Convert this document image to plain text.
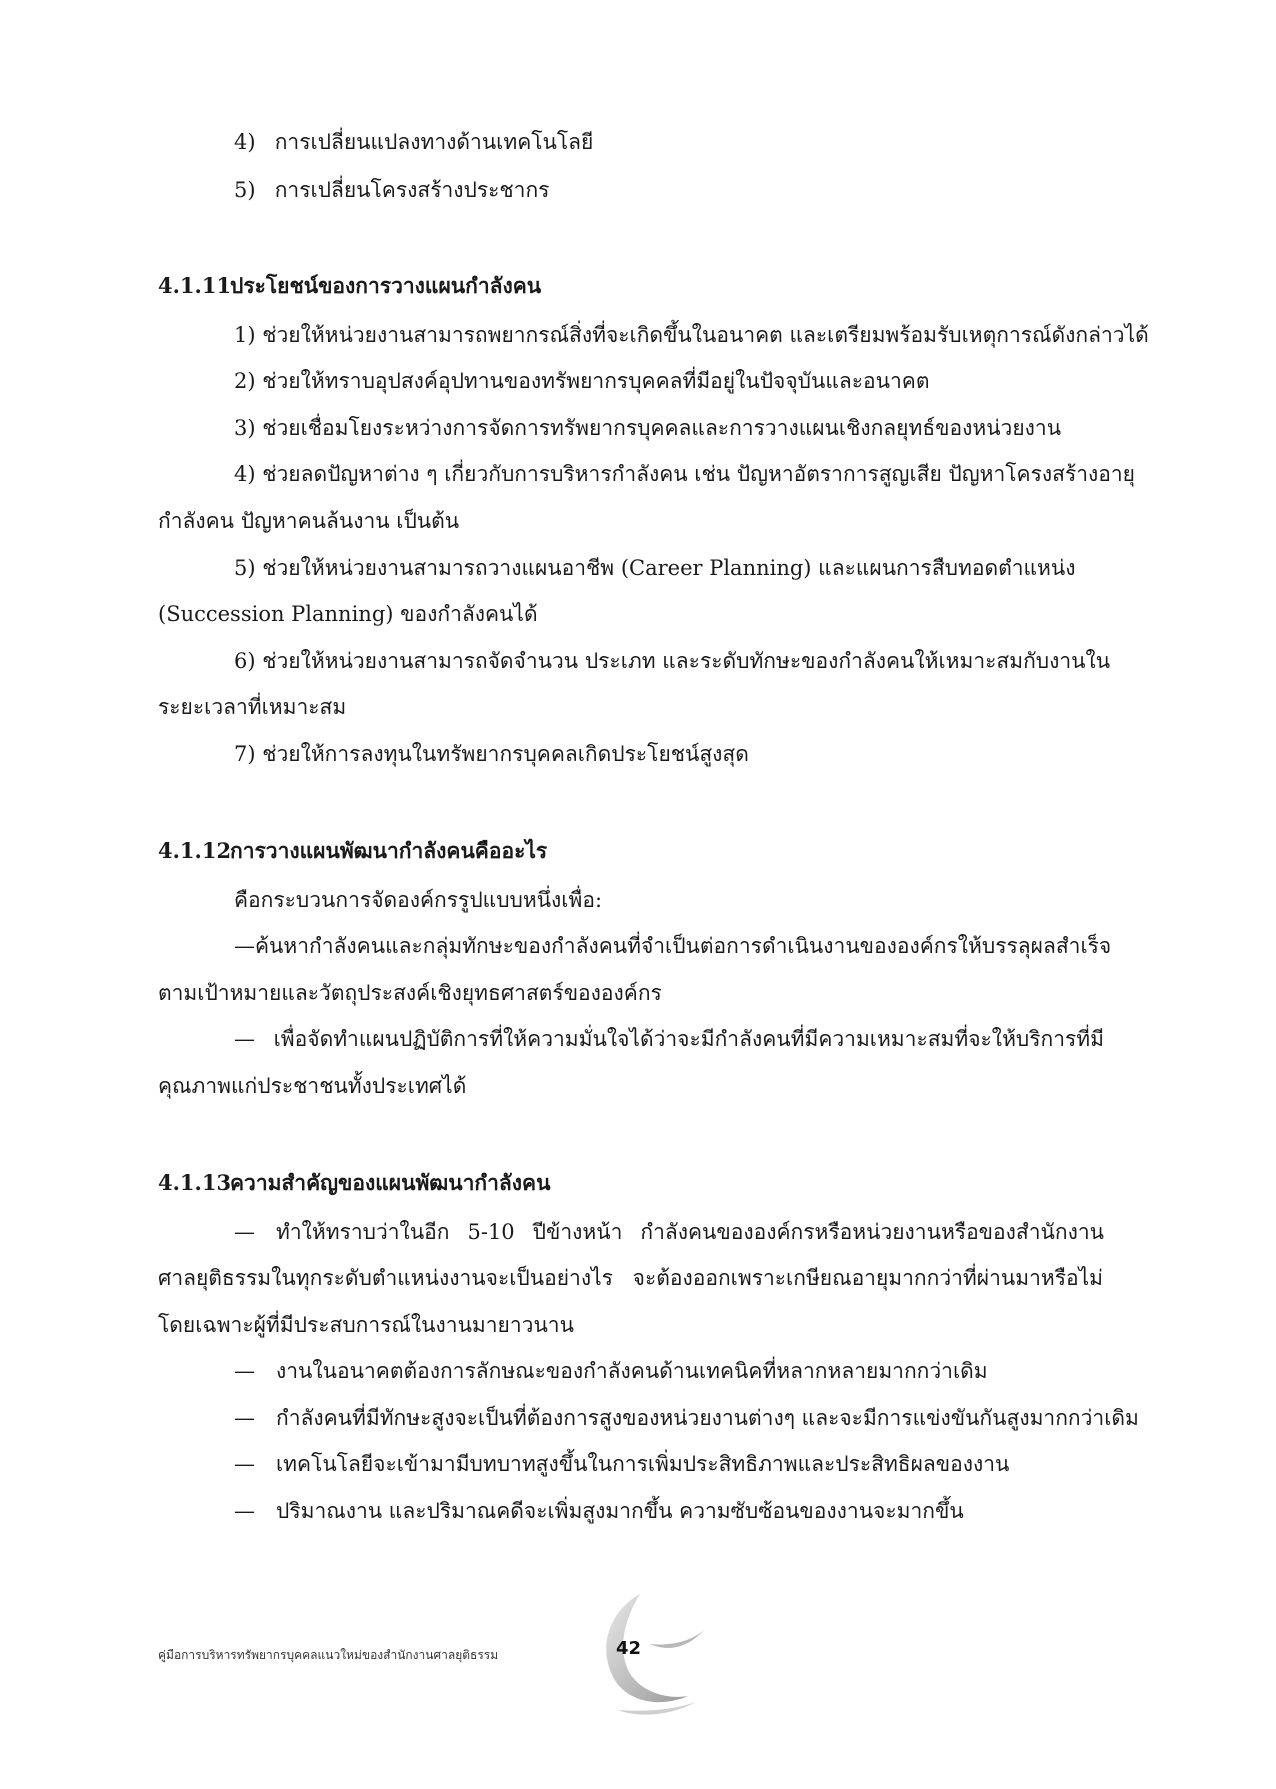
4) การเปลี่ยนแปลงทางด้านเทคโนโลยี
5) การเปลี่ยนโครงสร้างประชากร
4.1.11ประโยชน์ของการวางแผนกำลังคน
1) ช่วยให้หน่วยงานสามารถพยากรณ์สิ่งที่จะเกิดขึ้นในอนาคต และเตรียมพร้อมรับเหตุการณ์ดังกล่าวได้
2) ช่วยให้ทราบอุปสงค์อุปทานของทรัพยากรบุคคลที่มีอยู่ในปัจจุบันและอนาคต
3) ช่วยเชื่อมโยงระหว่างการจัดการทรัพยากรบุคคลและการวางแผนเชิงกลยุทธ์ของหน่วยงาน
4) ช่วยลดปัญหาต่าง ๆ เกี่ยวกับการบริหารกำลังคน เช่น ปัญหาอัตราการสูญเสีย ปัญหาโครงสร้างอายุ
กำลังคน ปัญหาคนล้นงาน เป็นต้น
5) ช่วยให้หน่วยงานสามารถวางแผนอาชีพ (Career Planning) และแผนการสืบทอดตำแหน่ง
(Succession Planning) ของกำลังคนได้
6) ช่วยให้หน่วยงานสามารถจัดจำนวน ประเภท และระดับทักษะของกำลังคนให้เหมาะสมกับงานใน
ระยะเวลาที่เหมาะสม
7) ช่วยให้การลงทุนในทรัพยากรบุคคลเกิดประโยชน์สูงสุด
4.1.12การวางแผนพัฒนากำลังคนคืออะไร
คือกระบวนการจัดองค์กรรูปแบบหนึ่งเพื่อ:
— ค้นหากำลังคนและกลุ่มทักษะของกำลังคนที่จำเป็นต่อการดำเนินงานขององค์กรให้บรรลุผลสำเร็จ
ตามเป้าหมายและวัตถุประสงค์เชิงยุทธศาสตร์ขององค์กร
— เพื่อจัดทำแผนปฏิบัติการที่ให้ความมั่นใจได้ว่าจะมีกำลังคนที่มีความเหมาะสมที่จะให้บริการที่มี
คุณภาพแก่ประชาชนทั้งประเทศได้
4.1.13ความสำคัญของแผนพัฒนากำลังคน
—	ทำให้ทราบว่าในอีก 5-10 ปีข้างหน้า กำลังคนขององค์กรหรือหน่วยงานหรือของสำนักงาน
ศาลยุติธรรมในทุกระดับตำแหน่งงานจะเป็นอย่างไร จะต้องออกเพราะเกษียณอายุมากกว่าที่ผ่านมาหรือไม่
โดยเฉพาะผู้ที่มีประสบการณ์ในงานมายาวนาน
— งานในอนาคตต้องการลักษณะของกำลังคนด้านเทคนิคที่หลากหลายมากกว่าเดิม
— กำลังคนที่มีทักษะสูงจะเป็นที่ต้องการสูงของหน่วยงานต่างๆ และจะมีการแข่งขันกันสูงมากกว่าเดิม
— เทคโนโลยีจะเข้ามามีบทบาทสูงขึ้นในการเพิ่มประสิทธิภาพและประสิทธิผลของงาน
— ปริมาณงาน และปริมาณคดีจะเพิ่มสูงมากขึ้น ความซับซ้อนของงานจะมากขึ้น
คู่มือการบริหารทรัพยากรบุคคลแนวใหม่ของสำนักงานศาลยุติธรรม	42
